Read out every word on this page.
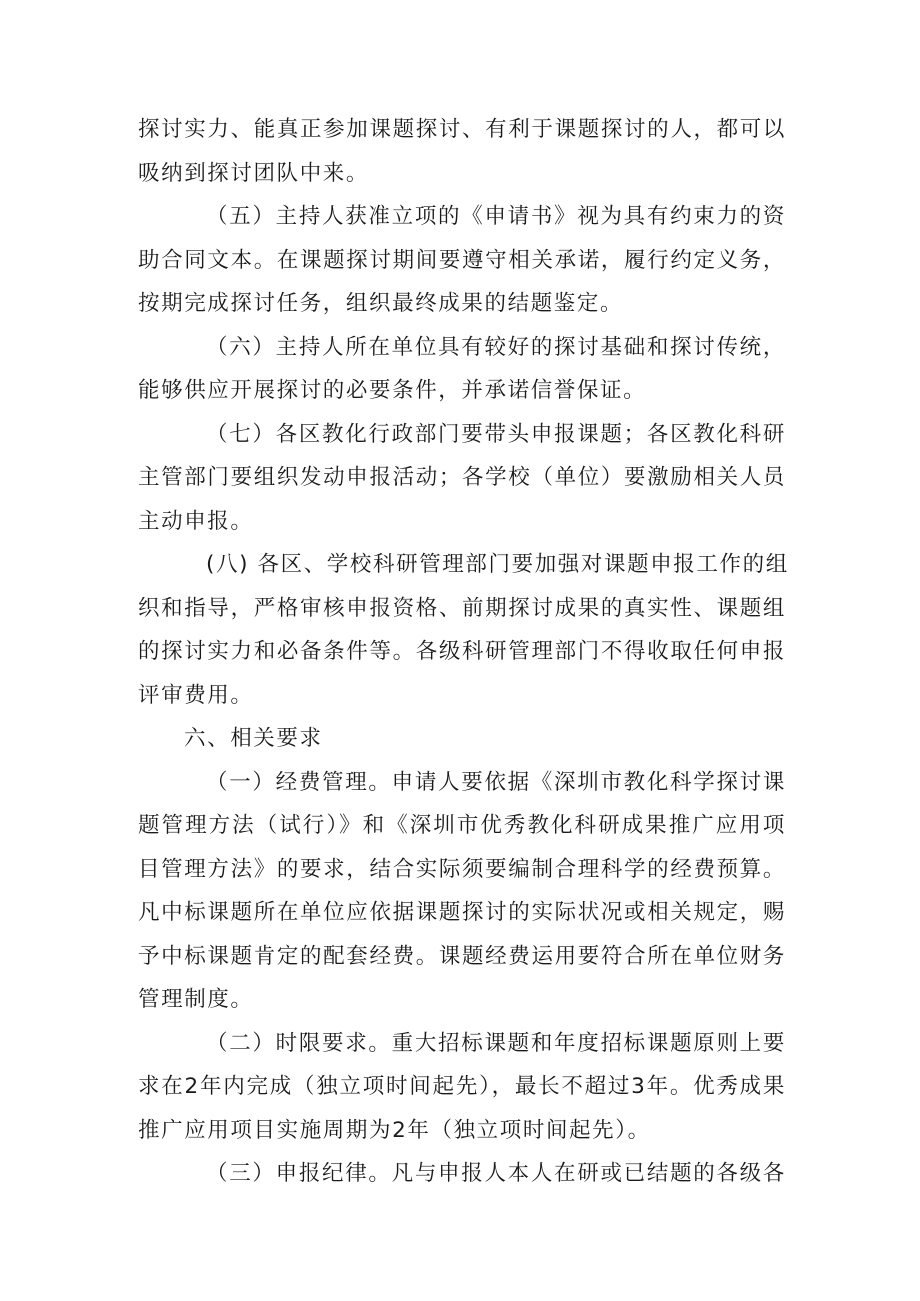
探讨实力、能真正参加课题探讨、有利于课题探讨的人，都可以
吸纳到探讨团队中来。
（五）主持人获准立项的《申请书》视为具有约束力的资
助合同文本。在课题探讨期间要遵守相关承诺，履行约定义务，
按期完成探讨任务，组织最终成果的结题鉴定。
（六）主持人所在单位具有较好的探讨基础和探讨传统，
能够供应开展探讨的必要条件，并承诺信誉保证。
（七）各区教化行政部门要带头申报课题；各区教化科研
主管部门要组织发动申报活动；各学校（单位）要激励相关人员
主动申报。
(八) 各区、学校科研管理部门要加强对课题申报工作的组
织和指导，严格审核申报资格、前期探讨成果的真实性、课题组
的探讨实力和必备条件等。各级科研管理部门不得收取任何申报
评审费用。
六、相关要求
（一）经费管理。申请人要依据《深圳市教化科学探讨课
题管理方法（试行）》和《深圳市优秀教化科研成果推广应用项
目管理方法》的要求，结合实际须要编制合理科学的经费预算。
凡中标课题所在单位应依据课题探讨的实际状况或相关规定，赐
予中标课题肯定的配套经费。课题经费运用要符合所在单位财务
管理制度。
（二）时限要求。重大招标课题和年度招标课题原则上要
求在2年内完成（独立项时间起先），最长不超过3年。优秀成果
推广应用项目实施周期为2年（独立项时间起先）。
（三）申报纪律。凡与申报人本人在研或已结题的各级各
